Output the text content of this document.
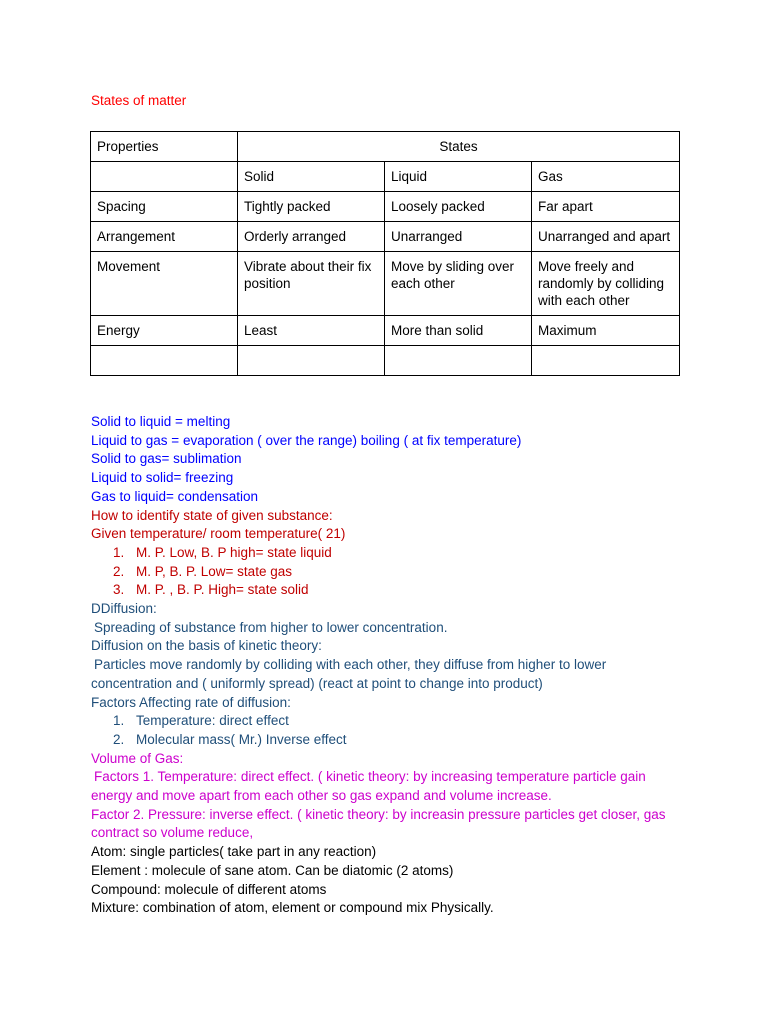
States of matter
Properties	States		
	Solid	Liquid	Gas
Spacing	Tightly packed	Loosely packed	Far apart
Arrangement	Orderly arranged	Unarranged	Unarranged and apart
Movement	Vibrate about their fix position	Move by sliding over each other	Move freely and randomly by colliding with each other
Energy	Least	More than solid	Maximum

Solid to liquid = melting
Liquid to gas = evaporation ( over the range) boiling ( at fix temperature)
Solid to gas= sublimation
Liquid to solid= freezing
Gas to liquid= condensation
How to identify state of given substance:
Given temperature/ room temperature( 21)
1. M. P. Low, B. P high= state liquid
2. M. P, B. P. Low= state gas
3. M. P. , B. P. High= state solid
DDiffusion:
Spreading of substance from higher to lower concentration.
Diffusion on the basis of kinetic theory:
Particles move randomly by colliding with each other, they diffuse from higher to lower concentration and ( uniformly spread) (react at point to change into product)
Factors Affecting rate of diffusion:
1. Temperature: direct effect
2. Molecular mass( Mr.) Inverse effect
Volume of Gas:
Factors 1. Temperature: direct effect. ( kinetic theory: by increasing temperature particle gain energy and move apart from each other so gas expand and volume increase.
Factor 2. Pressure: inverse effect. ( kinetic theory: by increasin pressure particles get closer, gas contract so volume reduce,
Atom: single particles( take part in any reaction)
Element : molecule of sane atom. Can be diatomic (2 atoms)
Compound: molecule of different atoms
Mixture: combination of atom, element or compound mix Physically.
